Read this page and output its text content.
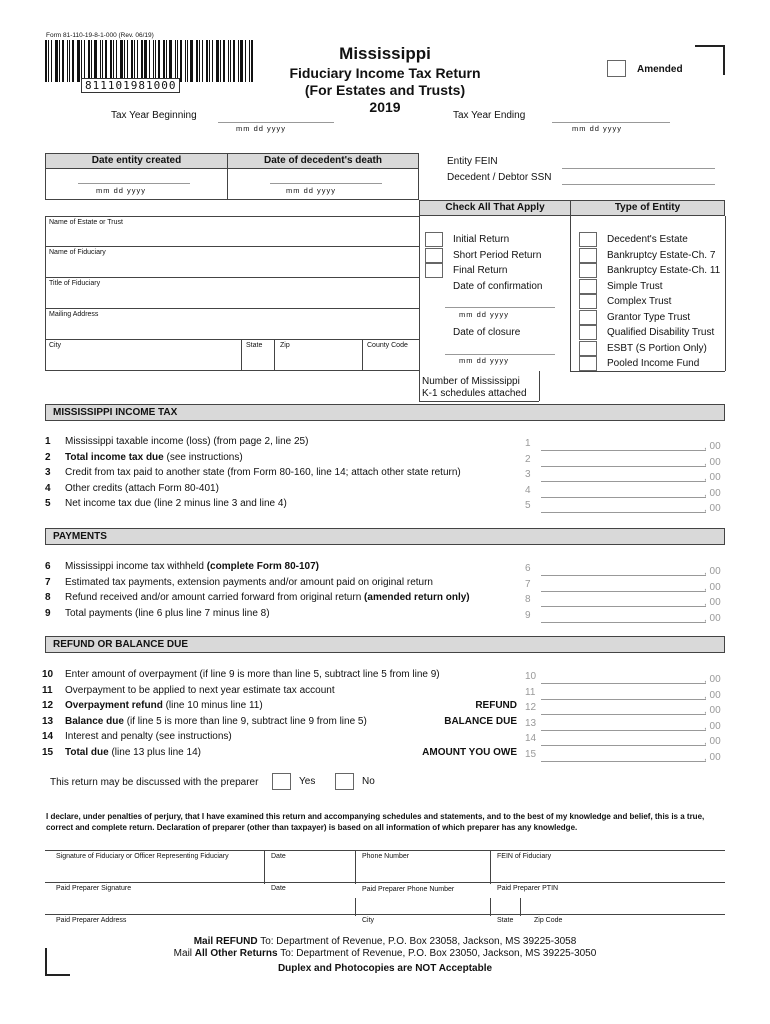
Form 81-110-19-8-1-000 (Rev. 06/19)
811101981000
Mississippi
Fiduciary Income Tax Return
(For Estates and Trusts)
2019
Amended
Tax Year Beginning
mm dd yyyy
Tax Year Ending
mm dd yyyy
Date entity created	Date of decedent's death
mm dd yyyy	mm dd yyyy
Entity FEIN
Decedent / Debtor SSN
Name of Estate or Trust
Name of Fiduciary
Title of Fiduciary
Mailing Address
City	State	Zip	County Code
Check All That Apply	Type of Entity
Initial Return
Short Period Return
Final Return
Date of confirmation
mm dd yyyy
Date of closure
mm dd yyyy
Number of Mississippi
K-1 schedules attached
Decedent's Estate
Bankruptcy Estate-Ch. 7
Bankruptcy Estate-Ch. 11
Simple Trust
Complex Trust
Grantor Type Trust
Qualified Disability Trust
ESBT (S Portion Only)
Pooled Income Fund
MISSISSIPPI INCOME TAX
1 Mississippi taxable income (loss) (from page 2, line 25)	1	, 00
2 Total income tax due (see instructions)	2	, 00
3 Credit from tax paid to another state (from Form 80-160, line 14; attach other state return)	3	, 00
4 Other credits (attach Form 80-401)	4	, 00
5 Net income tax due (line 2 minus line 3 and line 4)	5	, 00
PAYMENTS
6 Mississippi income tax withheld (complete Form 80-107)	6	, 00
7 Estimated tax payments, extension payments and/or amount paid on original return	7	, 00
8 Refund received and/or amount carried forward from original return (amended return only)	8	, 00
9 Total payments (line 6 plus line 7 minus line 8)	9	, 00
REFUND OR BALANCE DUE
10 Enter amount of overpayment (if line 9 is more than line 5, subtract line 5 from line 9)	10	, 00
11 Overpayment to be applied to next year estimate tax account	11	, 00
12 Overpayment refund (line 10 minus line 11)	REFUND 12	, 00
13 Balance due (if line 5 is more than line 9, subtract line 9 from line 5)	BALANCE DUE 13	, 00
14 Interest and penalty (see instructions)	14	, 00
15 Total due (line 13 plus line 14)	AMOUNT YOU OWE 15	, 00
This return may be discussed with the preparer	Yes	No
I declare, under penalties of perjury, that I have examined this return and accompanying schedules and statements, and to the best of my knowledge and belief, this is a true, correct and complete return. Declaration of preparer (other than taxpayer) is based on all information of which preparer has any knowledge.
Signature of Fiduciary or Officer Representing Fiduciary	Date	Phone Number	FEIN of Fiduciary
Paid Preparer Signature	Date	Paid Preparer Phone Number	Paid Preparer PTIN
Paid Preparer Address	City	State	Zip Code
Mail REFUND To: Department of Revenue, P.O. Box 23058, Jackson, MS 39225-3058
Mail All Other Returns To: Department of Revenue, P.O. Box 23050, Jackson, MS 39225-3050
Duplex and Photocopies are NOT Acceptable
